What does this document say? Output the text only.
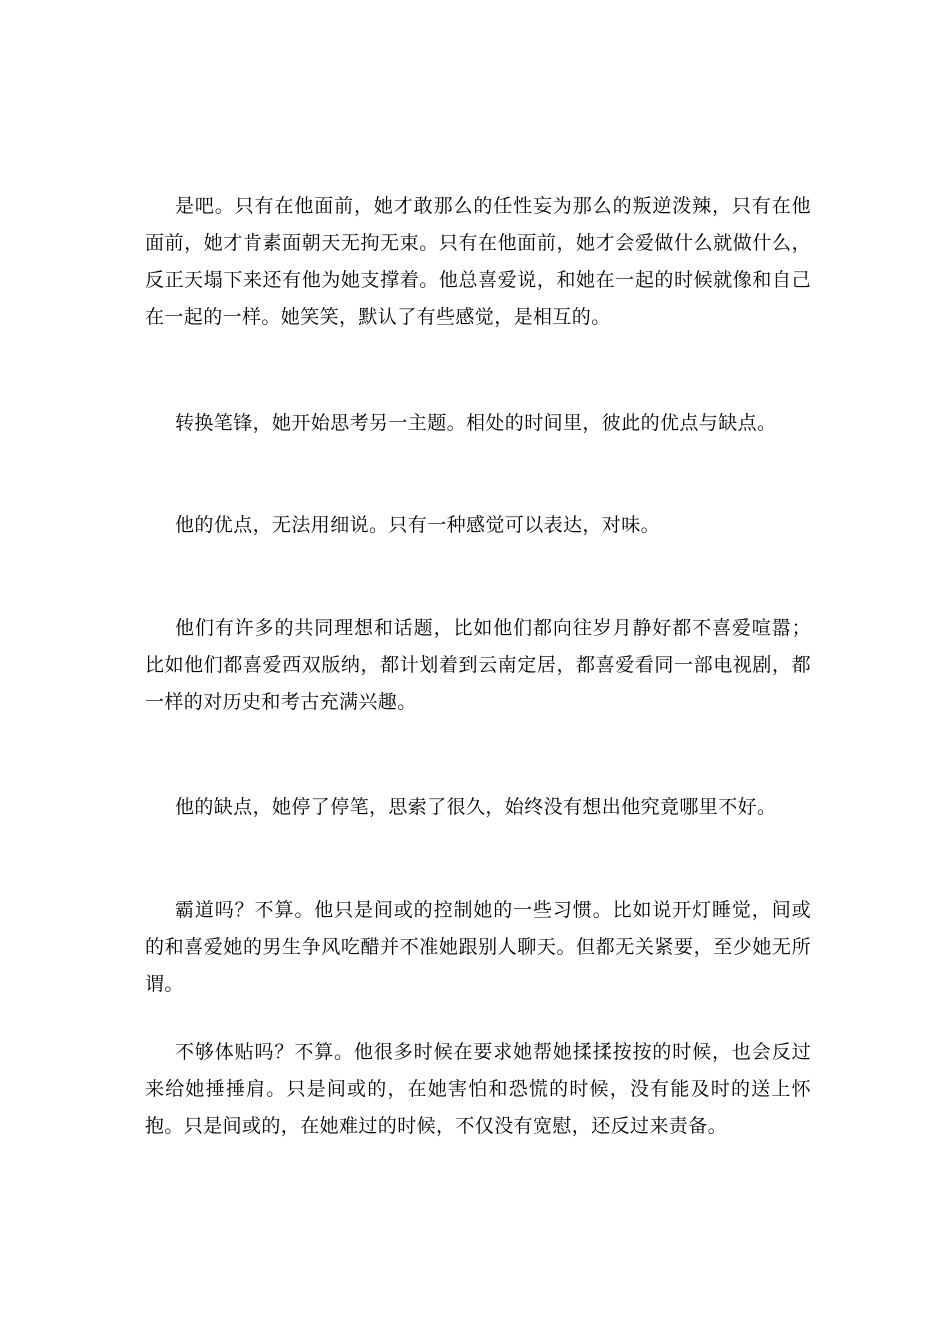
是吧。只有在他面前，她才敢那么的任性妄为那么的叛逆泼辣，只有在他面前，她才肯素面朝天无拘无束。只有在他面前，她才会爱做什么就做什么，反正天塌下来还有他为她支撑着。他总喜爱说，和她在一起的时候就像和自己在一起的一样。她笑笑，默认了有些感觉，是相互的。

转换笔锋，她开始思考另一主题。相处的时间里，彼此的优点与缺点。

他的优点，无法用细说。只有一种感觉可以表达，对味。

他们有许多的共同理想和话题，比如他们都向往岁月静好都不喜爱喧嚣；比如他们都喜爱西双版纳，都计划着到云南定居，都喜爱看同一部电视剧，都一样的对历史和考古充满兴趣。

他的缺点，她停了停笔，思索了很久，始终没有想出他究竟哪里不好。

霸道吗？不算。他只是间或的控制她的一些习惯。比如说开灯睡觉，间或的和喜爱她的男生争风吃醋并不准她跟别人聊天。但都无关紧要，至少她无所谓。

不够体贴吗？不算。他很多时候在要求她帮她揉揉按按的时候，也会反过来给她捶捶肩。只是间或的，在她害怕和恐慌的时候，没有能及时的送上怀抱。只是间或的，在她难过的时候，不仅没有宽慰，还反过来责备。
